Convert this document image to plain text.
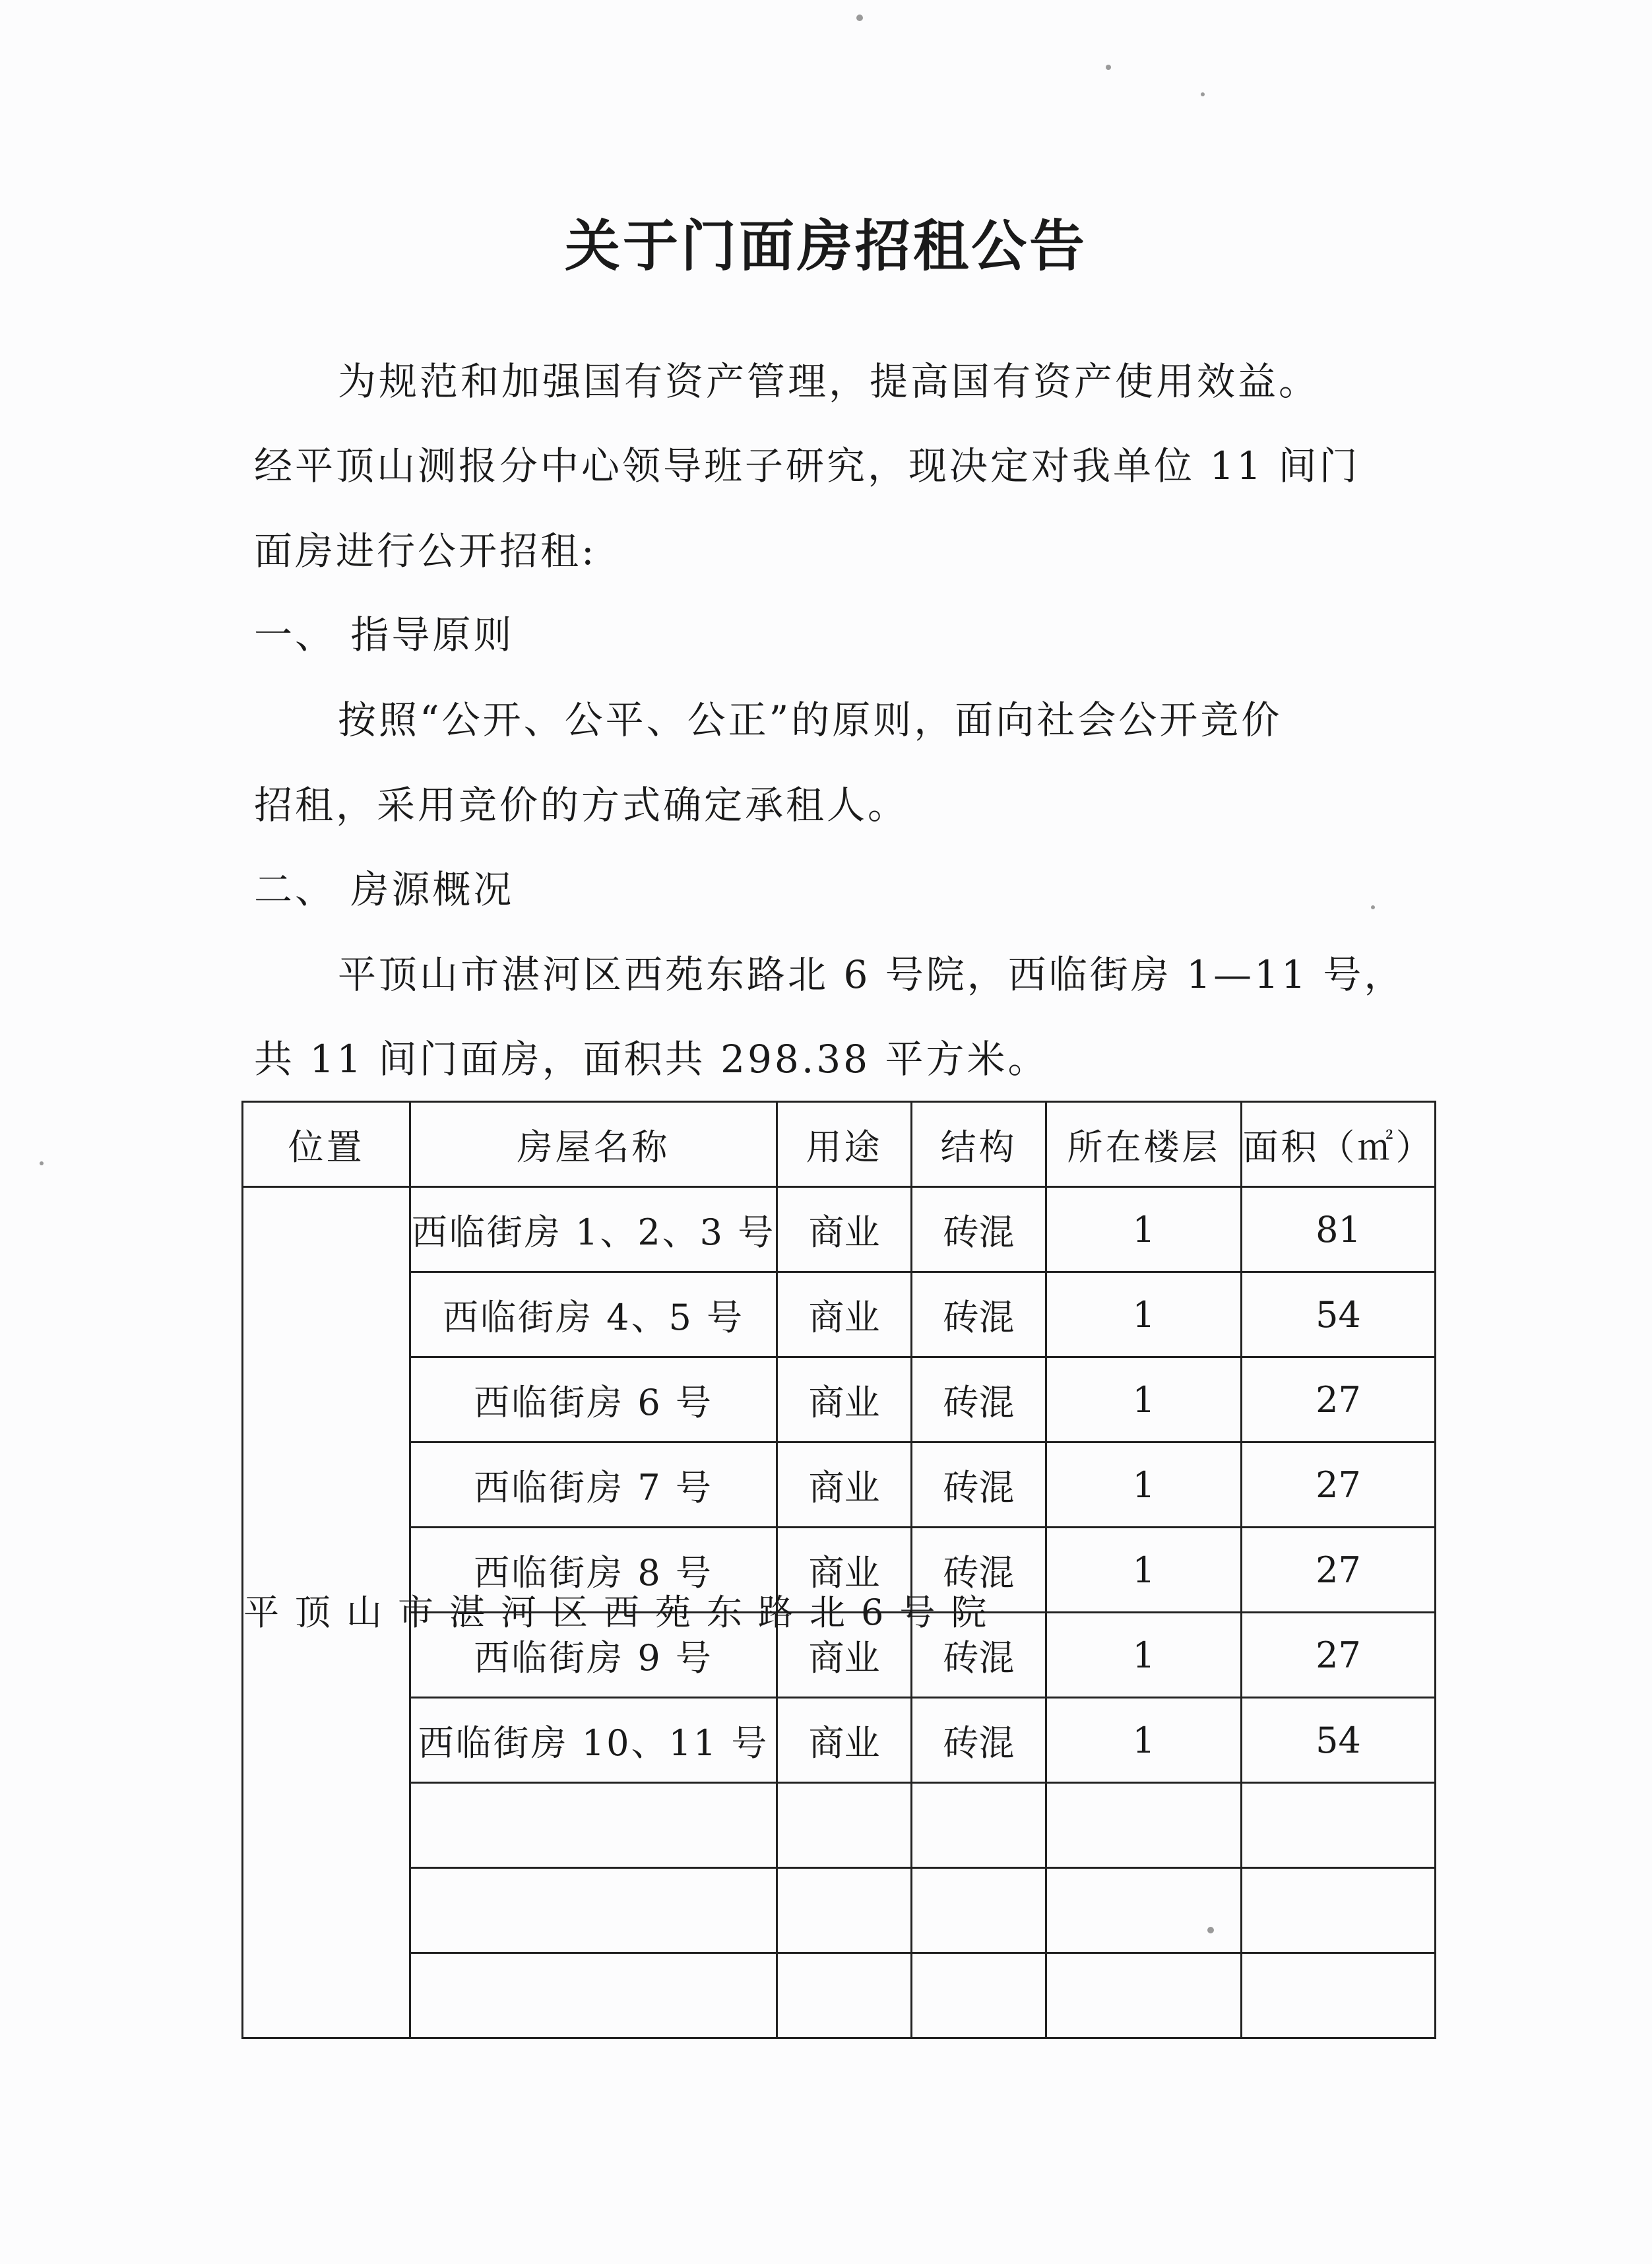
关于门面房招租公告
为规范和加强国有资产管理，提高国有资产使用效益。
经平顶山测报分中心领导班子研究，现决定对我单位 11 间门
面房进行公开招租:
一、 指导原则
按照“公开、公平、公正”的原则，面向社会公开竞价
招租，采用竞价的方式确定承租人。
二、 房源概况
平顶山市湛河区西苑东路北 6 号院，西临街房 1—11 号，
共 11 间门面房，面积共 298.38 平方米。
位置	房屋名称	用途	结构	所在楼层	面积（㎡）
平顶山市湛河区西苑东路北6号院	西临街房 1、2、3 号	商业	砖混	1	81
	西临街房 4、5 号	商业	砖混	1	54
	西临街房 6 号	商业	砖混	1	27
	西临街房 7 号	商业	砖混	1	27
	西临街房 8 号	商业	砖混	1	27
	西临街房 9 号	商业	砖混	1	27
	西临街房 10、11 号	商业	砖混	1	54
